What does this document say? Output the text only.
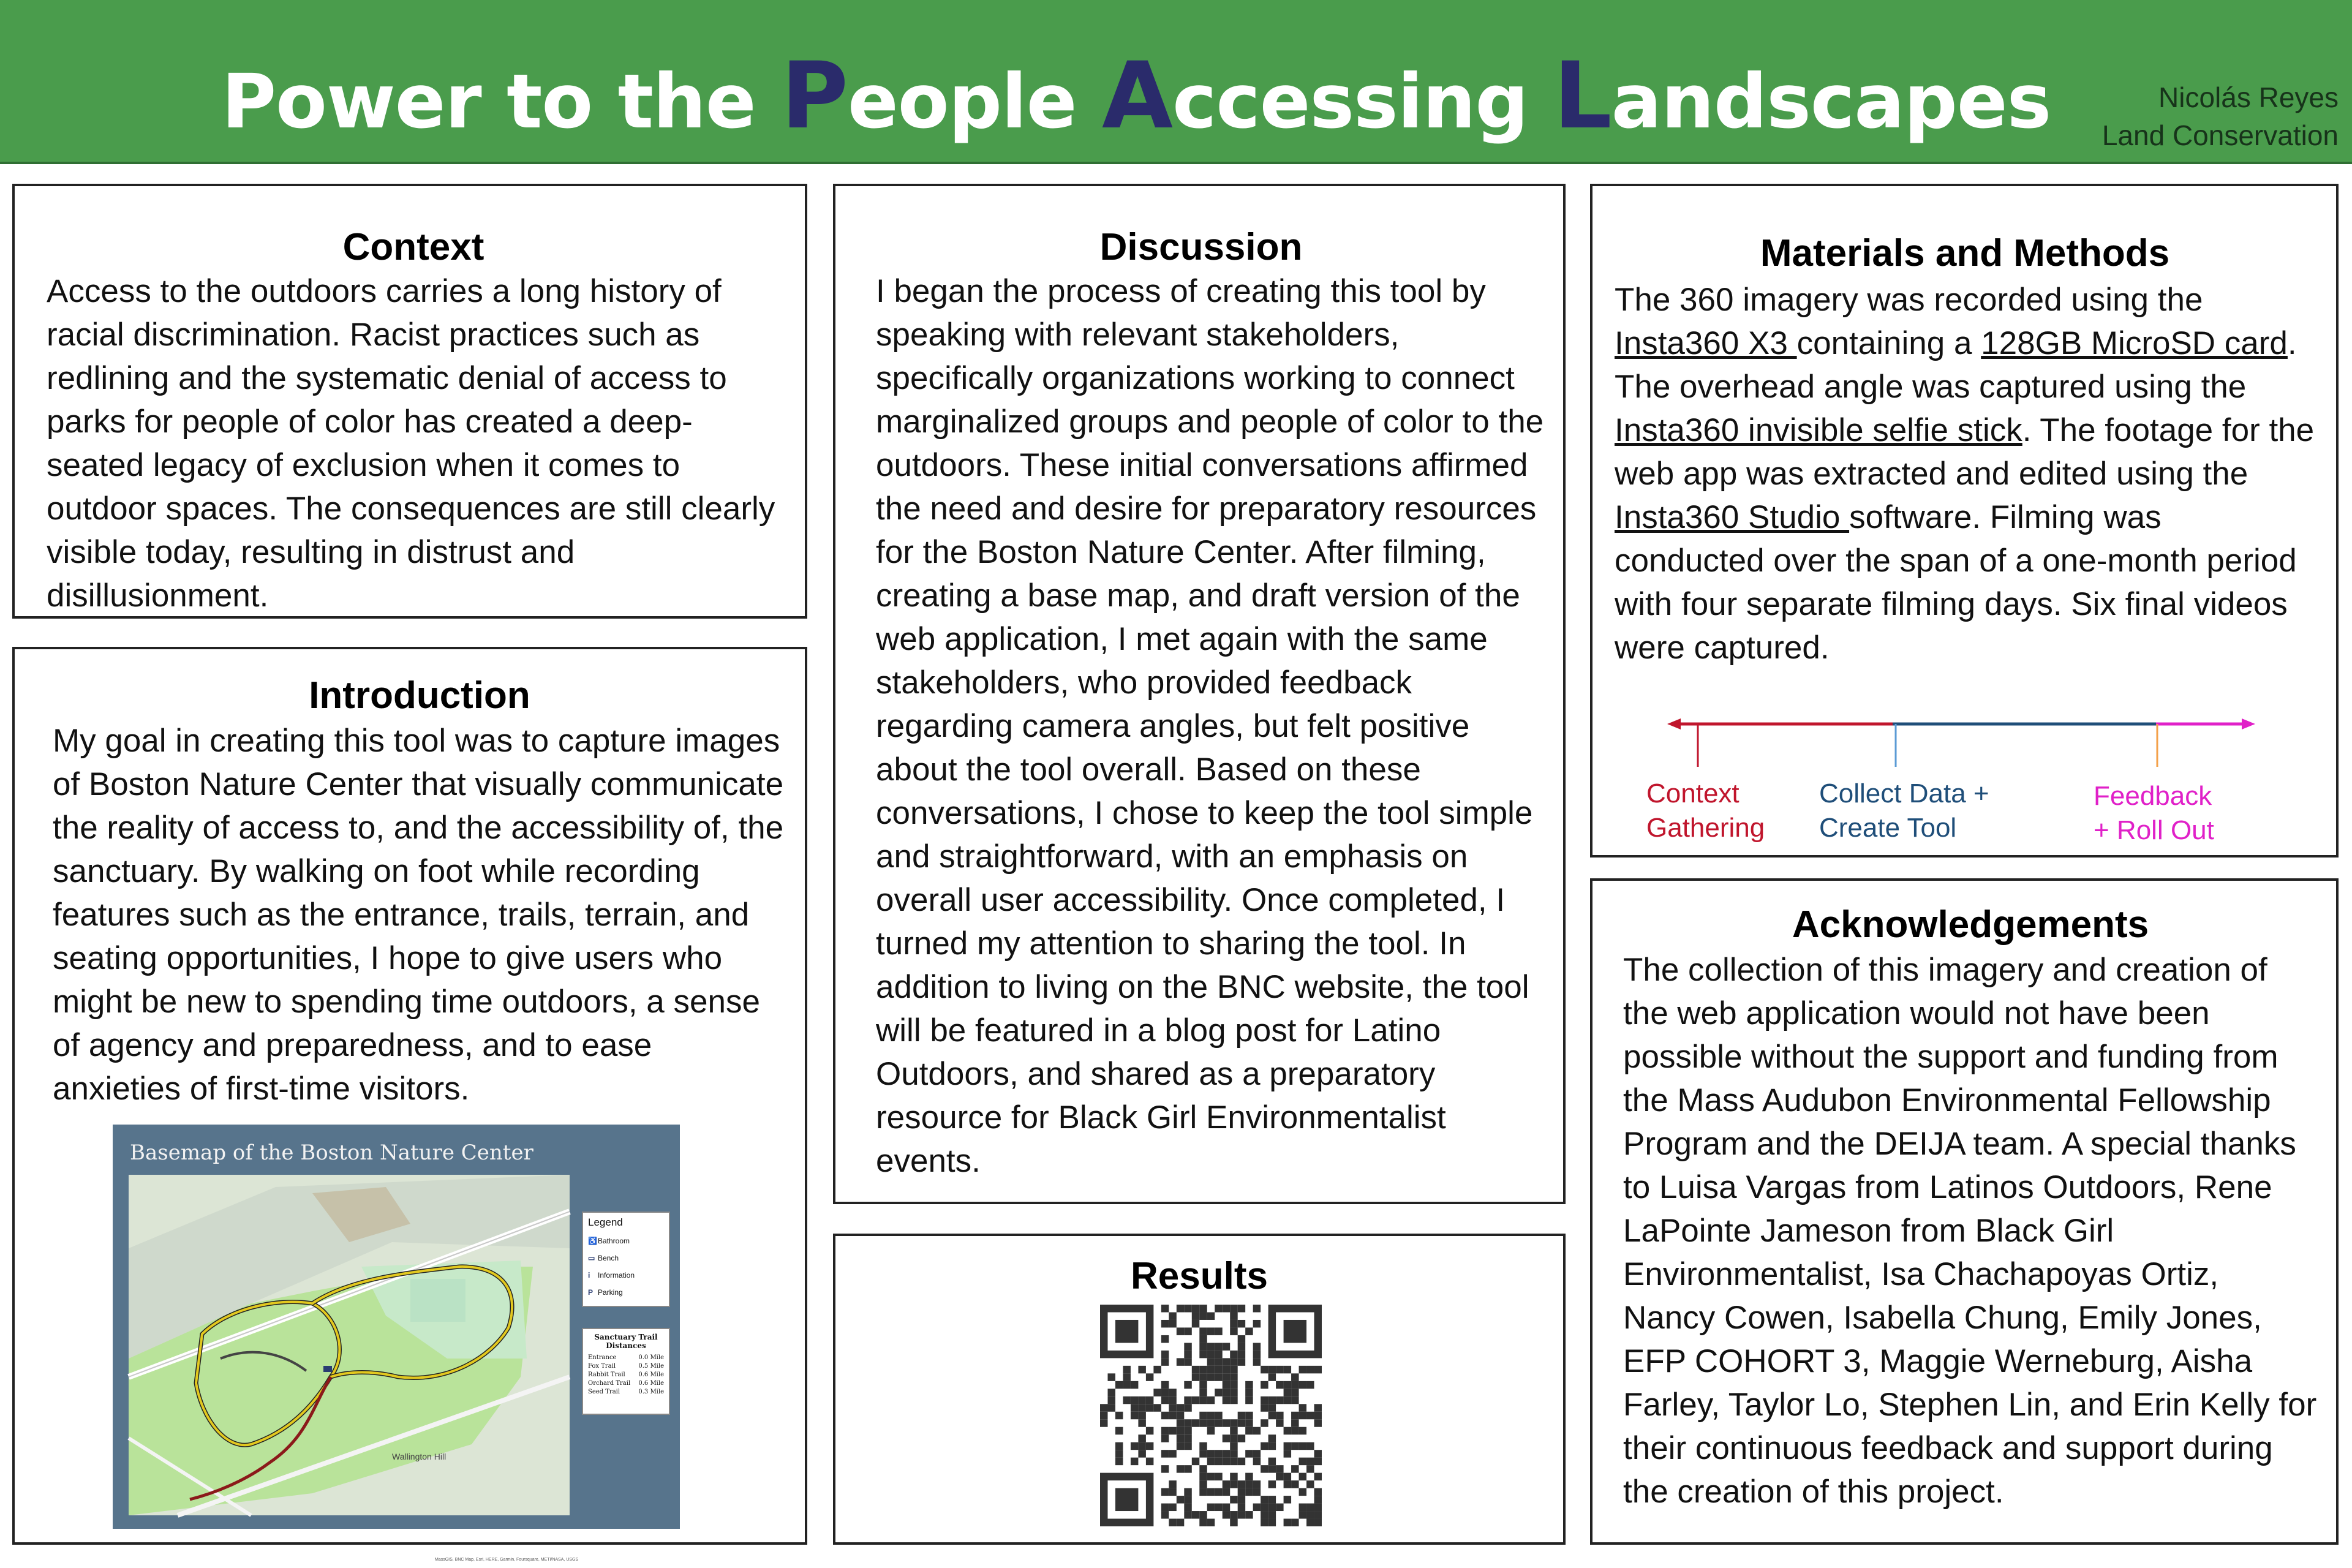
Power to the People Accessing Landscapes	Nicolás Reyes
Land Conservation
Context

Access to the outdoors carries a long history of racial discrimination. Racist practices such as redlining and the systematic denial of access to parks for people of color has created a deep-seated legacy of exclusion when it comes to outdoor spaces. The consequences are still clearly visible today, resulting in distrust and disillusionment.

Introduction

My goal in creating this tool was to capture images of Boston Nature Center that visually communicate the reality of access to, and the accessibility of, the sanctuary. By walking on foot while recording features such as the entrance, trails, terrain, and seating opportunities, I hope to give users who might be new to spending time outdoors, a sense of agency and preparedness, and to ease anxieties of first-time visitors.

Basemap of the Boston Nature Center
Wallington Hill
MassGIS, BNC Map, Esri, HERE, Garmin, Foursquare, METI/NASA, USGS
Legend
♿Bathroom
▭ Bench
i Information
P Parking
Sanctuary Trail Distances
Entrance	0.0 Mile
Fox Trail	0.5 Mile
Rabbit Trail 0.6 Mile
Orchard Trail 0.6 Mile
Seed Trail	0.3 Mile
Discussion

I began the process of creating this tool by speaking with relevant stakeholders, specifically organizations working to connect marginalized groups and people of color to the outdoors. These initial conversations affirmed the need and desire for preparatory resources for the Boston Nature Center. After filming, creating a base map, and draft version of the web application, I met again with the same stakeholders, who provided feedback regarding camera angles, but felt positive about the tool overall. Based on these conversations, I chose to keep the tool simple and straightforward, with an emphasis on overall user accessibility. Once completed, I turned my attention to sharing the tool. In addition to living on the BNC website, the tool will be featured in a blog post for Latino Outdoors, and shared as a preparatory resource for Black Girl Environmentalist events.

Results
Materials and Methods

The 360 imagery was recorded using the Insta360 X3 containing a 128GB MicroSD card. The overhead angle was captured using the Insta360 invisible selfie stick. The footage for the web app was extracted and edited using the Insta360 Studio software. Filming was conducted over the span of a one-month period with four separate filming days. Six final videos were captured.

Context
Gathering
Collect Data +
Create Tool
Feedback
+ Roll Out
Acknowledgements

The collection of this imagery and creation of the web application would not have been possible without the support and funding from the Mass Audubon Environmental Fellowship Program and the DEIJA team. A special thanks to Luisa Vargas from Latinos Outdoors, Rene LaPointe Jameson from Black Girl Environmentalist, Isa Chachapoyas Ortiz, Nancy Cowen, Isabella Chung, Emily Jones, EFP COHORT 3, Maggie Werneburg, Aisha Farley, Taylor Lo, Stephen Lin, and Erin Kelly for their continuous feedback and support during the creation of this project.
